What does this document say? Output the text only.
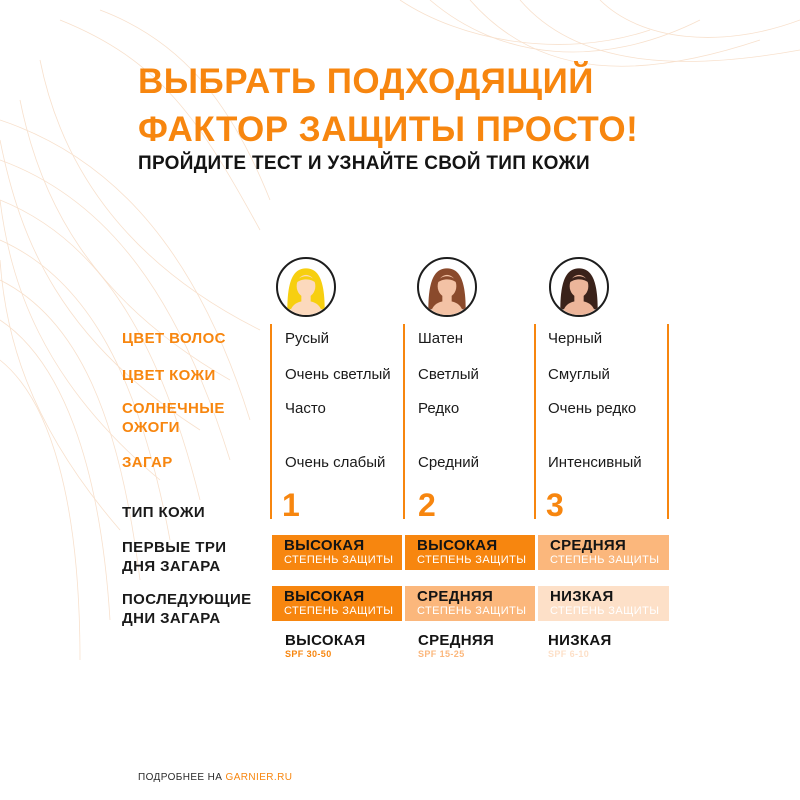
ВЫБРАТЬ ПОДХОДЯЩИЙ
ФАКТОР ЗАЩИТЫ ПРОСТО!
ПРОЙДИТЕ ТЕСТ И УЗНАЙТЕ СВОЙ ТИП КОЖИ
ЦВЕТ ВОЛОС
ЦВЕТ КОЖИ
СОЛНЕЧНЫЕ
ОЖОГИ
ЗАГАР
ТИП КОЖИ
ПЕРВЫЕ ТРИ
ДНЯ ЗАГАРА
ПОСЛЕДУЮЩИЕ
ДНИ ЗАГАРА
Русый
Очень светлый
Часто
Очень слабый
1
Шатен
Светлый
Редко
Средний
2
Черный
Смуглый
Очень редко
Интенсивный
3
ВЫСОКАЯ
СТЕПЕНЬ ЗАЩИТЫ
ВЫСОКАЯ
СТЕПЕНЬ ЗАЩИТЫ
СРЕДНЯЯ
СТЕПЕНЬ ЗАЩИТЫ
ВЫСОКАЯ
СТЕПЕНЬ ЗАЩИТЫ
СРЕДНЯЯ
СТЕПЕНЬ ЗАЩИТЫ
НИЗКАЯ
СТЕПЕНЬ ЗАЩИТЫ
ВЫСОКАЯ
SPF 30-50
СРЕДНЯЯ
SPF 15-25
НИЗКАЯ
SPF 6-10
ПОДРОБНЕЕ НА GARNIER.RU
